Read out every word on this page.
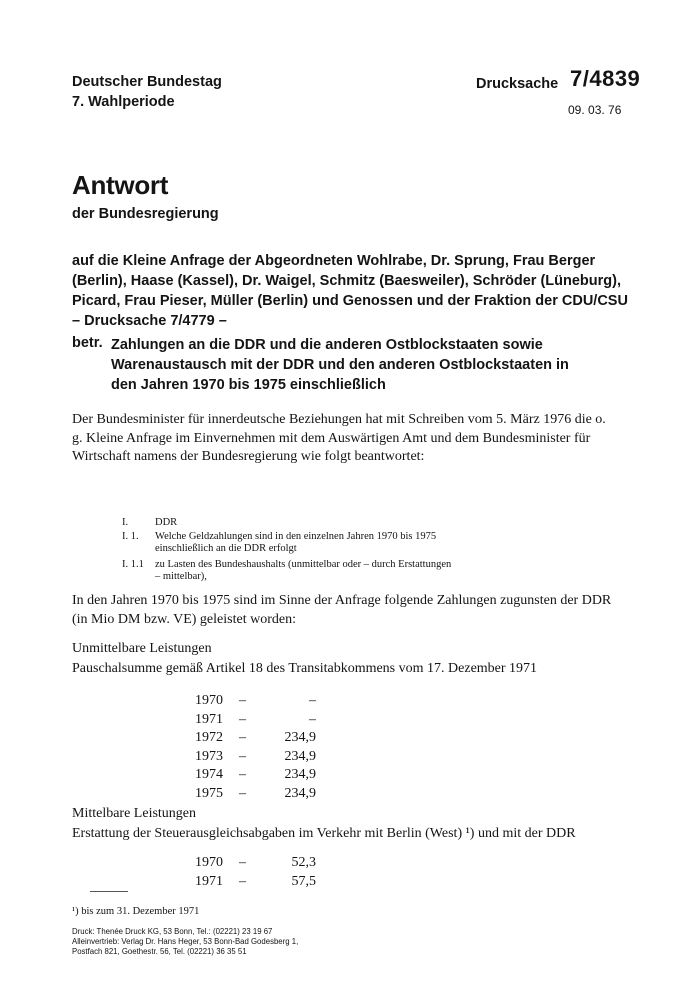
Deutscher Bundestag
7. Wahlperiode
Drucksache 7/4839
09. 03. 76
Antwort
der Bundesregierung
auf die Kleine Anfrage der Abgeordneten Wohlrabe, Dr. Sprung, Frau Berger (Berlin), Haase (Kassel), Dr. Waigel, Schmitz (Baesweiler), Schröder (Lüneburg), Picard, Frau Pieser, Müller (Berlin) und Genossen und der Fraktion der CDU/CSU – Drucksache 7/4779 –
betr. Zahlungen an die DDR und die anderen Ostblockstaaten sowie Warenaustausch mit der DDR und den anderen Ostblockstaaten in den Jahren 1970 bis 1975 einschließlich
Der Bundesminister für innerdeutsche Beziehungen hat mit Schreiben vom 5. März 1976 die o. g. Kleine Anfrage im Einvernehmen mit dem Auswärtigen Amt und dem Bundesminister für Wirtschaft namens der Bundesregierung wie folgt beantwortet:
I.	DDR
I. 1. Welche Geldzahlungen sind in den einzelnen Jahren 1970 bis 1975 einschließlich an die DDR erfolgt
I. 1.1 zu Lasten des Bundeshaushalts (unmittelbar oder – durch Erstattungen – mittelbar),
In den Jahren 1970 bis 1975 sind im Sinne der Anfrage folgende Zahlungen zugunsten der DDR (in Mio DM bzw. VE) geleistet worden:
Unmittelbare Leistungen
Pauschalsumme gemäß Artikel 18 des Transitabkommens vom 17. Dezember 1971
1970	–	–
1971	–	–
1972	–	234,9
1973	–	234,9
1974	–	234,9
1975	–	234,9
Mittelbare Leistungen
Erstattung der Steuerausgleichsabgaben im Verkehr mit Berlin (West) ¹) und mit der DDR
1970	–	52,3
1971	–	57,5
¹) bis zum 31. Dezember 1971
Druck: Thenée Druck KG, 53 Bonn, Tel.: (02221) 23 19 67
Alleinvertrieb: Verlag Dr. Hans Heger, 53 Bonn-Bad Godesberg 1,
Postfach 821, Goethestr. 56, Tel. (02221) 36 35 51
